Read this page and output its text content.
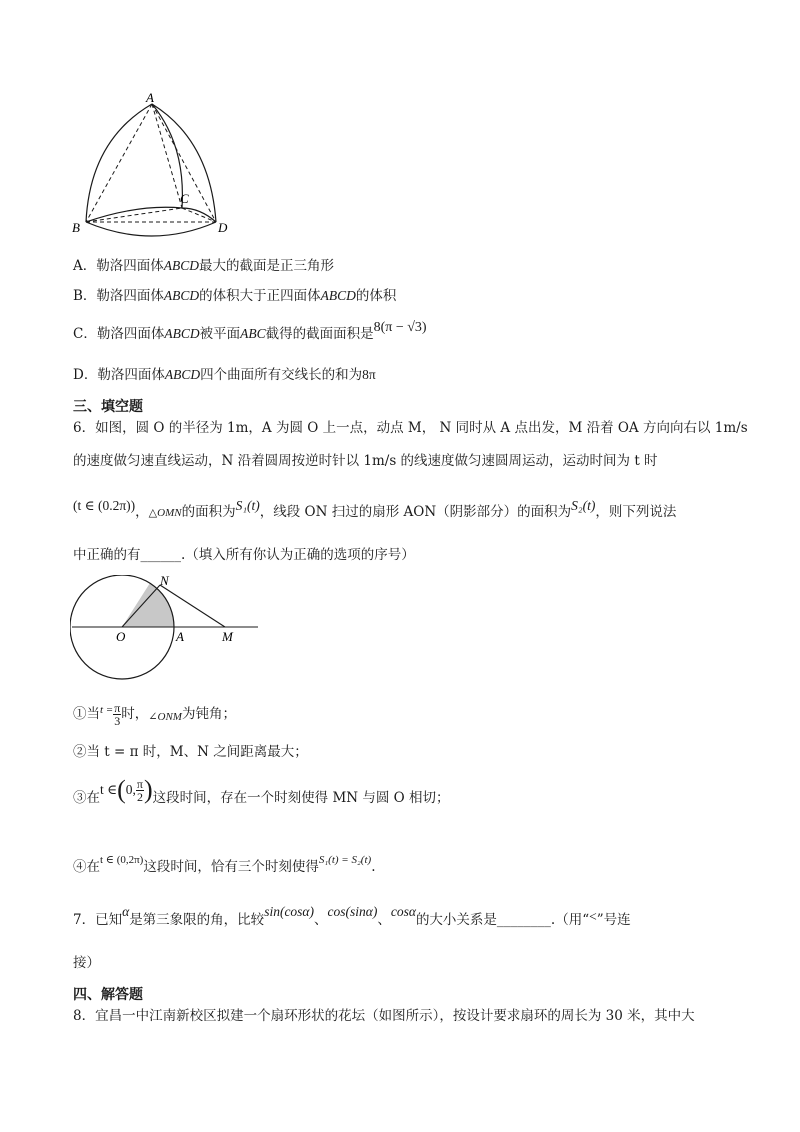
A
B
C
D
A．勒洛四面体ABCD最大的截面是正三角形
B．勒洛四面体ABCD的体积大于正四面体ABCD的体积
C．勒洛四面体ABCD被平面ABC截得的截面面积是8(π − √3)
D．勒洛四面体ABCD四个曲面所有交线长的和为8π
三、填空题
6．如图，圆 O 的半径为 1m，A 为圆 O 上一点，动点 M， N 同时从 A 点出发，M 沿着 OA 方向向右以 1m/s
的速度做匀速直线运动，N 沿着圆周按逆时针以 1m/s 的线速度做匀速圆周运动，运动时间为 t 时
(t ∈ (0.2π))，△OMN的面积为S₁(t)，线段 ON 扫过的扇形 AON（阴影部分）的面积为S₂(t)，则下列说法
中正确的有______.（填入所有你认为正确的选项的序号）
N
O	A	M
①当 $t = \frac{\pi}{3}$ 时， ∠ONM 为钝角；
②当 t = π 时，M、N 之间距离最大；
③在
t ∈ ( 0, $\frac{\pi}{2}$ ) 这段时间，存在一个时刻使得 MN 与圆 O 相切；
④在$^{t \in (0,2\pi)}$这段时间，恰有三个时刻使得$^{S_1(t) = S_2(t)}$.
7．已知α是第三象限的角，比较sin(cosα)、cos(sinα)、cosα的大小关系是________.（用“<”号连
接）
四、解答题
8．宜昌一中江南新校区拟建一个扇环形状的花坛（如图所示），按设计要求扇环的周长为 30 米，其中大
